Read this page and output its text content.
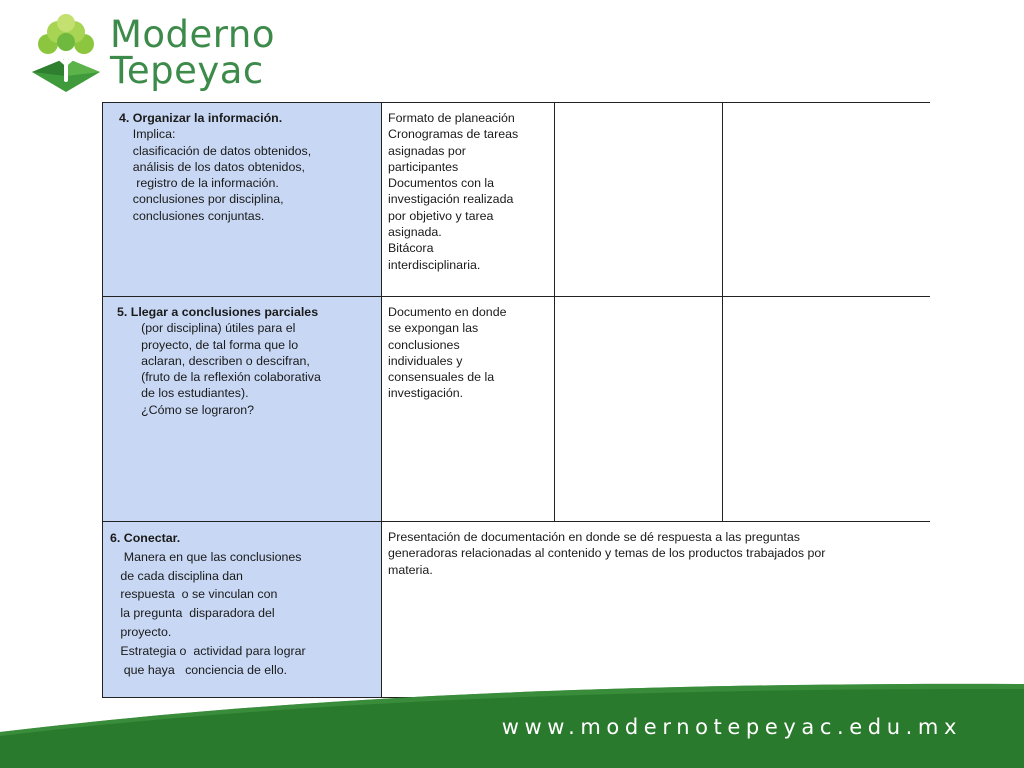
Moderno
Tepeyac
4. Organizar la información.
Implica:
clasificación de datos obtenidos,
análisis de los datos obtenidos,
registro de la información.
conclusiones por disciplina,
conclusiones conjuntas.
Formato de planeación
Cronogramas de tareas
asignadas por
participantes
Documentos con la
investigación realizada
por objetivo y tarea
asignada.
Bitácora
interdisciplinaria.
5. Llegar a conclusiones parciales
(por disciplina) útiles para el
proyecto, de tal forma que lo
aclaran, describen o descifran,
(fruto de la reflexión colaborativa
de los estudiantes).
¿Cómo se lograron?
Documento en donde
se expongan las
conclusiones
individuales y
consensuales de la
investigación.
6. Conectar.
Manera en que las conclusiones
de cada disciplina dan
respuesta  o se vinculan con
la pregunta  disparadora del
proyecto.
Estrategia o  actividad para lograr
que haya   conciencia de ello.
Presentación de documentación en donde se dé respuesta a las preguntas
generadoras relacionadas al contenido y temas de los productos trabajados por
materia.
www.modernotepeyac.edu.mx
